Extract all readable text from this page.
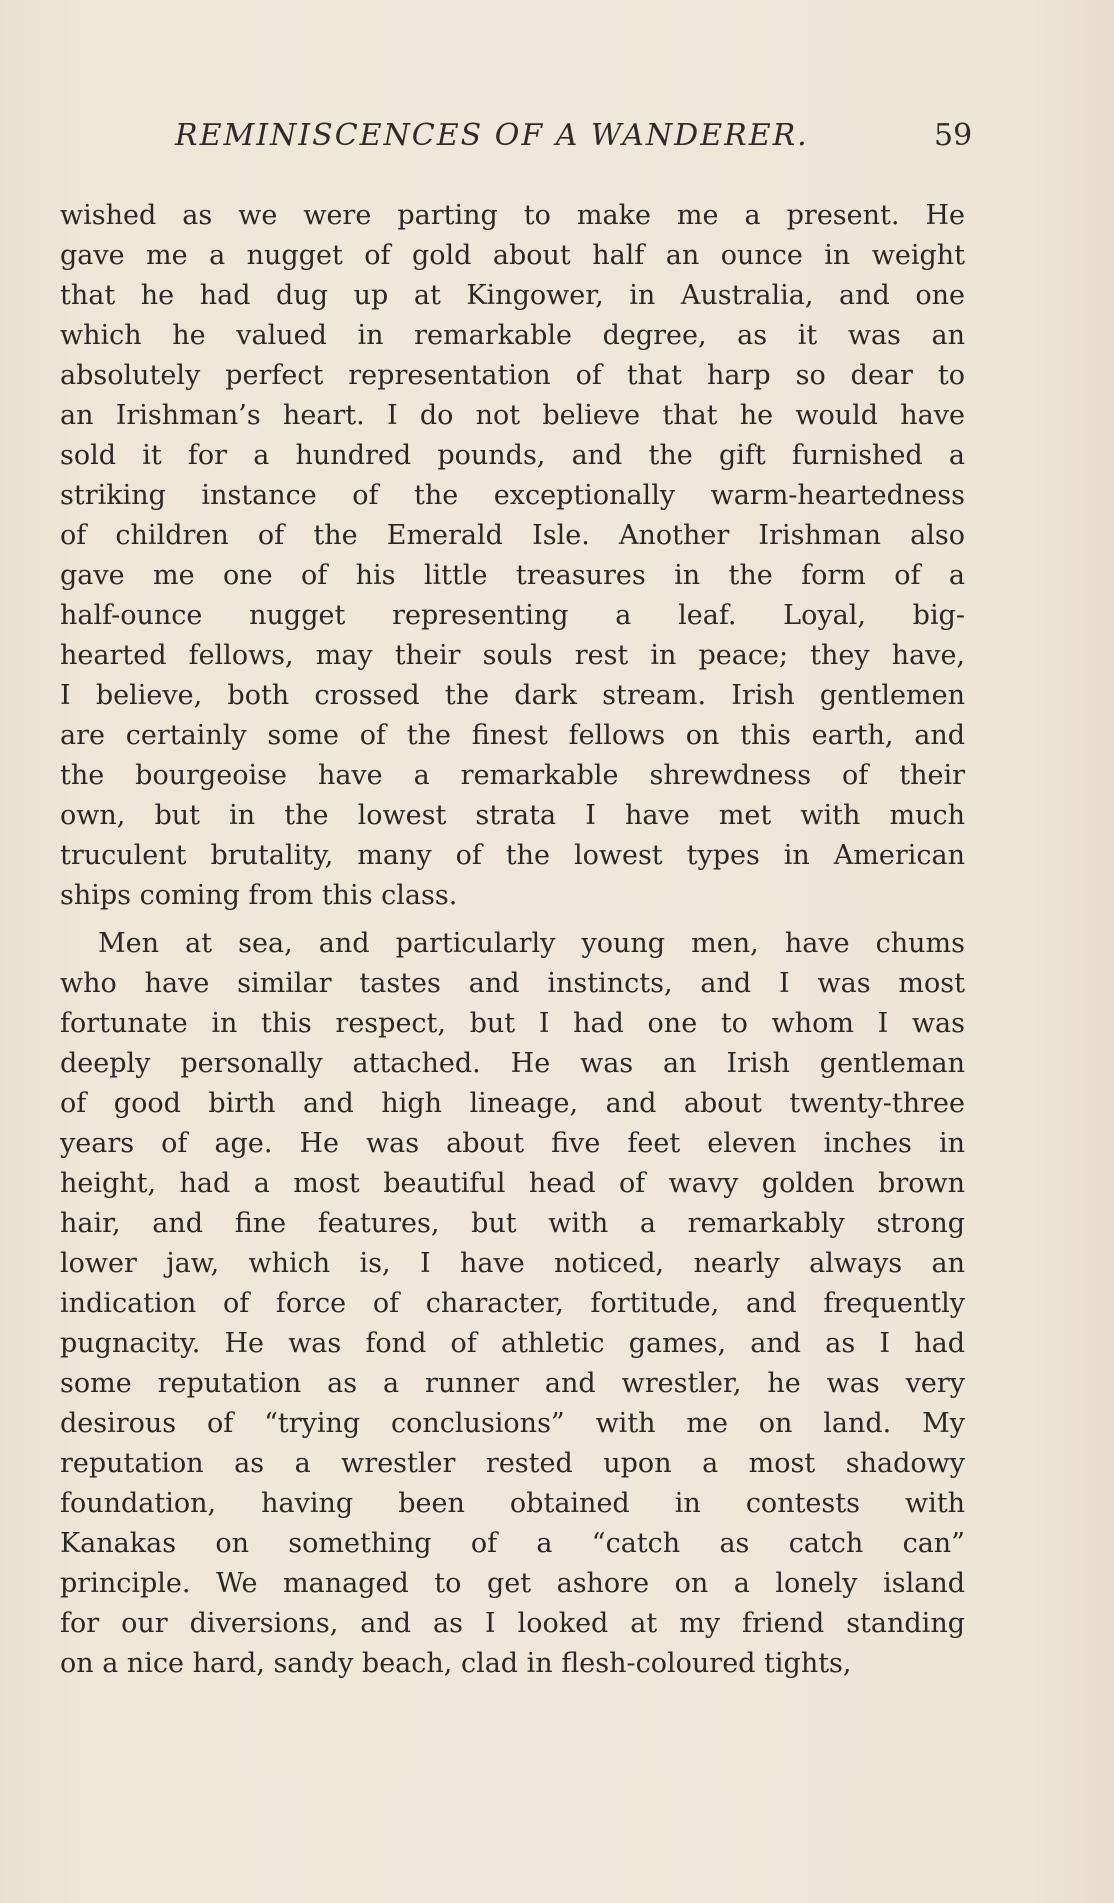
REMINISCENCES OF A WANDERER.	59
wished as we were parting to make me a present. He
gave me a nugget of gold about half an ounce in weight
that he had dug up at Kingower, in Australia, and one
which he valued in remarkable degree, as it was an
absolutely perfect representation of that harp so dear to
an Irishman’s heart. I do not believe that he would have
sold it for a hundred pounds, and the gift furnished a
striking instance of the exceptionally warm-heartedness
of children of the Emerald Isle. Another Irishman also
gave me one of his little treasures in the form of a
half-ounce nugget representing a leaf. Loyal, big-
hearted fellows, may their souls rest in peace; they have,
I believe, both crossed the dark stream. Irish gentlemen
are certainly some of the finest fellows on this earth, and
the bourgeoise have a remarkable shrewdness of their
own, but in the lowest strata I have met with much
truculent brutality, many of the lowest types in American
ships coming from this class.
Men at sea, and particularly young men, have chums
who have similar tastes and instincts, and I was most
fortunate in this respect, but I had one to whom I was
deeply personally attached. He was an Irish gentleman
of good birth and high lineage, and about twenty-three
years of age. He was about five feet eleven inches in
height, had a most beautiful head of wavy golden brown
hair, and fine features, but with a remarkably strong
lower jaw, which is, I have noticed, nearly always an
indication of force of character, fortitude, and frequently
pugnacity. He was fond of athletic games, and as I had
some reputation as a runner and wrestler, he was very
desirous of “trying conclusions” with me on land. My
reputation as a wrestler rested upon a most shadowy
foundation, having been obtained in contests with
Kanakas on something of a “catch as catch can”
principle. We managed to get ashore on a lonely island
for our diversions, and as I looked at my friend standing
on a nice hard, sandy beach, clad in flesh-coloured tights,
